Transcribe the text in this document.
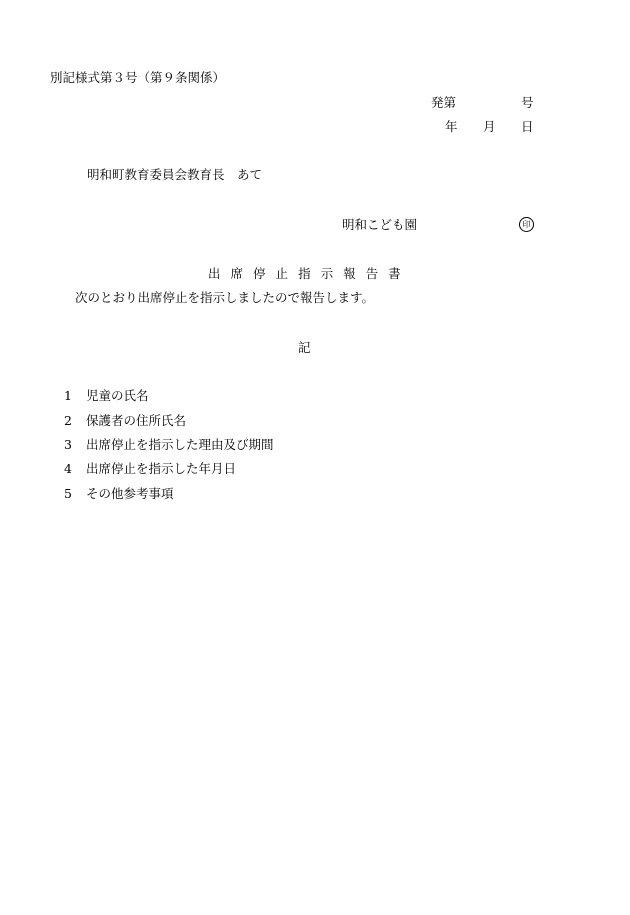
別記様式第３号（第９条関係）
発第	号
年 月 日
明和町教育委員会教育長　あて
明和こども園	印
出 席 停 止 指 示 報 告 書
次のとおり出席停止を指示しましたので報告します。
記
1 児童の氏名
2 保護者の住所氏名
3 出席停止を指示した理由及び期間
4 出席停止を指示した年月日
5 その他参考事項
